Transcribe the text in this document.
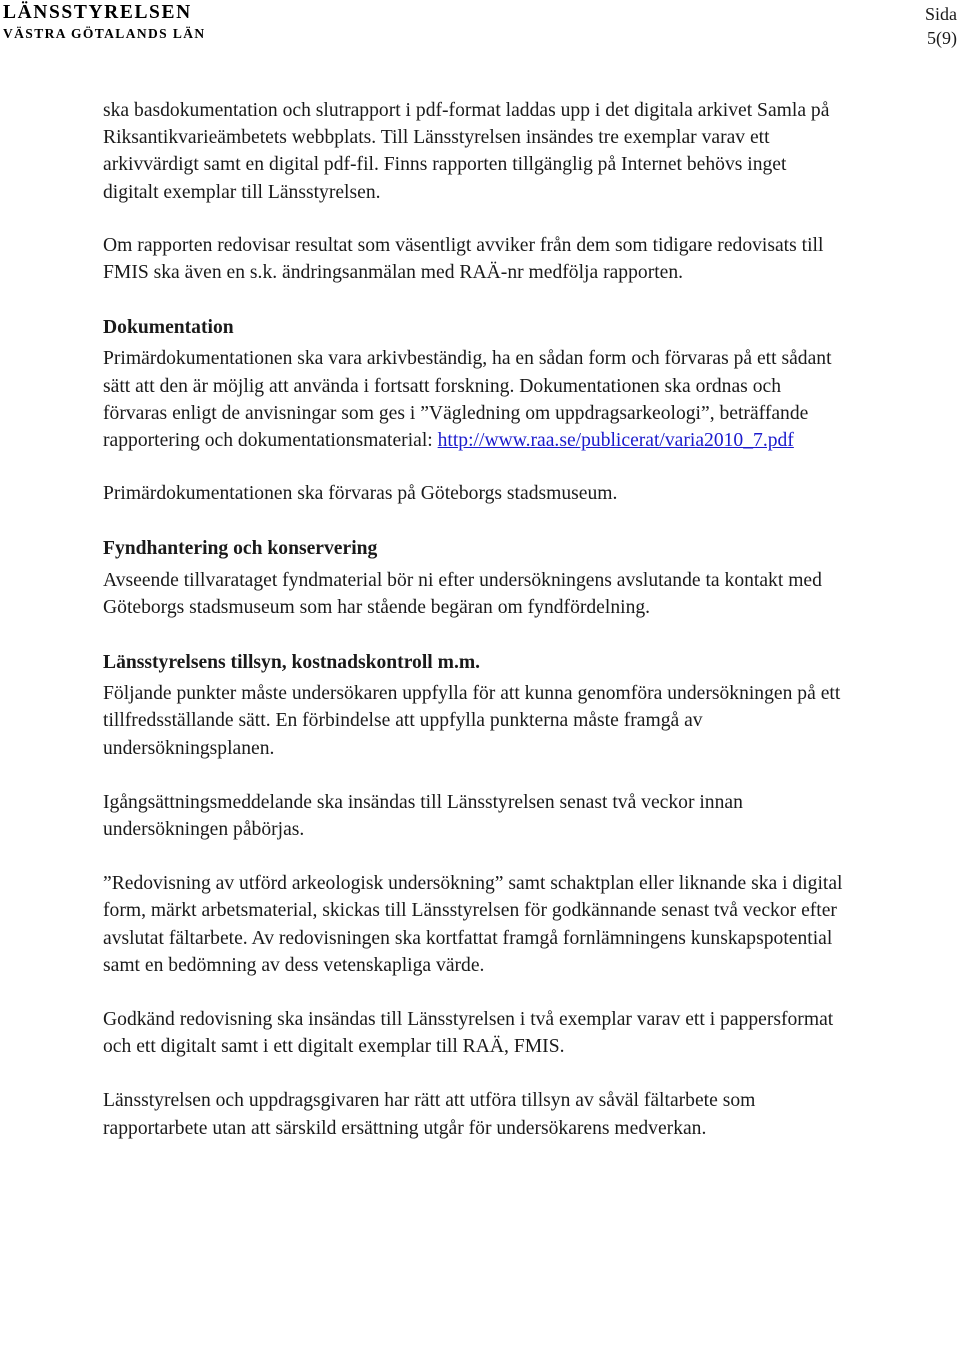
LÄNSSTYRELSEN
VÄSTRA GÖTALANDS LÄN
Sida
5(9)

ska basdokumentation och slutrapport i pdf-format laddas upp i det digitala arkivet Samla på Riksantikvarieämbetets webbplats. Till Länsstyrelsen insändes tre exemplar varav ett arkivvärdigt samt en digital pdf-fil. Finns rapporten tillgänglig på Internet behövs inget digitalt exemplar till Länsstyrelsen.

Om rapporten redovisar resultat som väsentligt avviker från dem som tidigare redovisats till FMIS ska även en s.k. ändringsanmälan med RAÄ-nr medfölja rapporten.

Dokumentation

Primärdokumentationen ska vara arkivbeständig, ha en sådan form och förvaras på ett sådant sätt att den är möjlig att använda i fortsatt forskning. Dokumentationen ska ordnas och förvaras enligt de anvisningar som ges i ”Vägledning om uppdragsarkeologi”, beträffande rapportering och dokumentationsmaterial: http://www.raa.se/publicerat/varia2010_7.pdf

Primärdokumentationen ska förvaras på Göteborgs stadsmuseum.

Fyndhantering och konservering

Avseende tillvarataget fyndmaterial bör ni efter undersökningens avslutande ta kontakt med Göteborgs stadsmuseum som har stående begäran om fyndfördelning.

Länsstyrelsens tillsyn, kostnadskontroll m.m.

Följande punkter måste undersökaren uppfylla för att kunna genomföra undersökningen på ett tillfredsställande sätt. En förbindelse att uppfylla punkterna måste framgå av undersökningsplanen.

Igångsättningsmeddelande ska insändas till Länsstyrelsen senast två veckor innan undersökningen påbörjas.

”Redovisning av utförd arkeologisk undersökning” samt schaktplan eller liknande ska i digital form, märkt arbetsmaterial, skickas till Länsstyrelsen för godkännande senast två veckor efter avslutat fältarbete. Av redovisningen ska kortfattat framgå fornlämningens kunskapspotential samt en bedömning av dess vetenskapliga värde.

Godkänd redovisning ska insändas till Länsstyrelsen i två exemplar varav ett i pappersformat och ett digitalt samt i ett digitalt exemplar till RAÄ, FMIS.

Länsstyrelsen och uppdragsgivaren har rätt att utföra tillsyn av såväl fältarbete som rapportarbete utan att särskild ersättning utgår för undersökarens medverkan.
